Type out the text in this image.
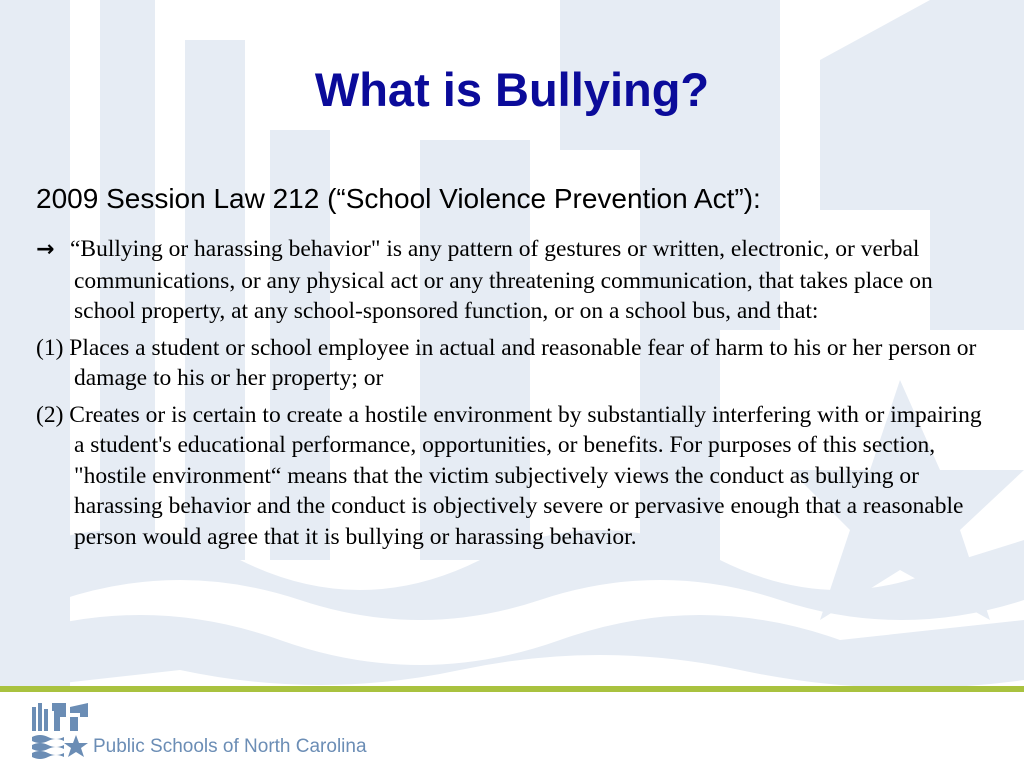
What is Bullying?

2009 Session Law 212 (“School Violence Prevention Act”):

→ “Bullying or harassing behavior" is any pattern of gestures or written, electronic, or verbal communications, or any physical act or any threatening communication, that takes place on school property, at any school-sponsored function, or on a school bus, and that:

(1) Places a student or school employee in actual and reasonable fear of harm to his or her person or damage to his or her property; or

(2) Creates or is certain to create a hostile environment by substantially interfering with or impairing a student's educational performance, opportunities, or benefits. For purposes of this section, "hostile environment“ means that the victim subjectively views the conduct as bullying or harassing behavior and the conduct is objectively severe or pervasive enough that a reasonable person would agree that it is bullying or harassing behavior.

Public Schools of North Carolina
